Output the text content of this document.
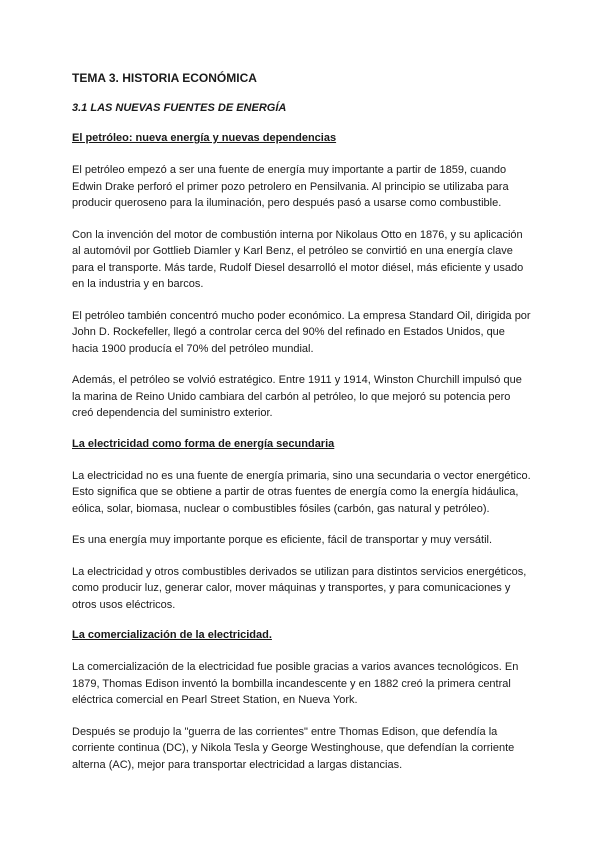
TEMA 3. HISTORIA ECONÓMICA
3.1 LAS NUEVAS FUENTES DE ENERGÍA
El petróleo: nueva energía y nuevas dependencias

El petróleo empezó a ser una fuente de energía muy importante a partir de 1859, cuando Edwin Drake perforó el primer pozo petrolero en Pensilvania. Al principio se utilizaba para producir queroseno para la iluminación, pero después pasó a usarse como combustible.

Con la invención del motor de combustión interna por Nikolaus Otto en 1876, y su aplicación al automóvil por Gottlieb Diamler y Karl Benz, el petróleo se convirtió en una energía clave para el transporte. Más tarde, Rudolf Diesel desarrolló el motor diésel, más eficiente y usado en la industria y en barcos.

El petróleo también concentró mucho poder económico. La empresa Standard Oil, dirigida por John D. Rockefeller, llegó a controlar cerca del 90% del refinado en Estados Unidos, que hacia 1900 producía el 70% del petróleo mundial.

Además, el petróleo se volvió estratégico. Entre 1911 y 1914, Winston Churchill impulsó que la marina de Reino Unido cambiara del carbón al petróleo, lo que mejoró su potencia pero creó dependencia del suministro exterior.

La electricidad como forma de energía secundaria

La electricidad no es una fuente de energía primaria, sino una secundaria o vector energético. Esto significa que se obtiene a partir de otras fuentes de energía como la energía hidáulica, eólica, solar, biomasa, nuclear o combustibles fósiles (carbón, gas natural y petróleo).

Es una energía muy importante porque es eficiente, fácil de transportar y muy versátil.

La electricidad y otros combustibles derivados se utilizan para distintos servicios energéticos, como producir luz, generar calor, mover máquinas y transportes, y para comunicaciones y otros usos eléctricos.

La comercialización de la electricidad.

La comercialización de la electricidad fue posible gracias a varios avances tecnológicos. En 1879, Thomas Edison inventó la bombilla incandescente y en 1882 creó la primera central eléctrica comercial en Pearl Street Station, en Nueva York.

Después se produjo la "guerra de las corrientes" entre Thomas Edison, que defendía la corriente continua (DC), y Nikola Tesla y George Westinghouse, que defendían la corriente alterna (AC), mejor para transportar electricidad a largas distancias.
